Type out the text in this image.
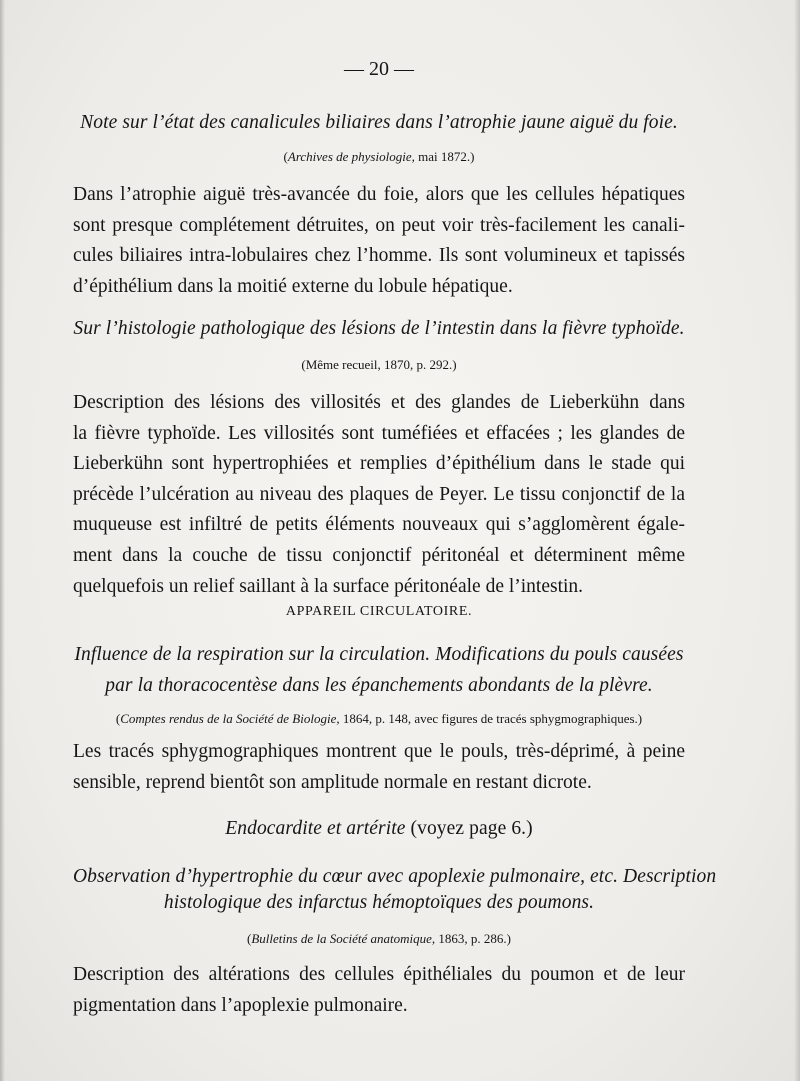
— 20 —
Note sur l’état des canalicules biliaires dans l’atrophie jaune aiguë du foie.
(Archives de physiologie, mai 1872.)
Dans l’atrophie aiguë très-avancée du foie, alors que les cellules hépatiques
sont presque complétement détruites, on peut voir très-facilement les canali-
cules biliaires intra-lobulaires chez l’homme. Ils sont volumineux et tapissés
d’épithélium dans la moitié externe du lobule hépatique.
Sur l’histologie pathologique des lésions de l’intestin dans la fièvre typhoïde.
(Même recueil, 1870, p. 292.)
Description des lésions des villosités et des glandes de Lieberkühn dans
la fièvre typhoïde. Les villosités sont tuméfiées et effacées ; les glandes de
Lieberkühn sont hypertrophiées et remplies d’épithélium dans le stade qui
précède l’ulcération au niveau des plaques de Peyer. Le tissu conjonctif de la
muqueuse est infiltré de petits éléments nouveaux qui s’agglomèrent égale-
ment dans la couche de tissu conjonctif péritonéal et déterminent même
quelquefois un relief saillant à la surface péritonéale de l’intestin.
APPAREIL CIRCULATOIRE.
Influence de la respiration sur la circulation. Modifications du pouls causées
par la thoracocentèse dans les épanchements abondants de la plèvre.
(Comptes rendus de la Société de Biologie, 1864, p. 148, avec figures de tracés sphygmographiques.)
Les tracés sphygmographiques montrent que le pouls, très-déprimé, à peine
sensible, reprend bientôt son amplitude normale en restant dicrote.
Endocardite et artérite (voyez page 6.)
Observation d’hypertrophie du cœur avec apoplexie pulmonaire, etc. Description
histologique des infarctus hémoptoïques des poumons.
(Bulletins de la Société anatomique, 1863, p. 286.)
Description des altérations des cellules épithéliales du poumon et de leur
pigmentation dans l’apoplexie pulmonaire.
